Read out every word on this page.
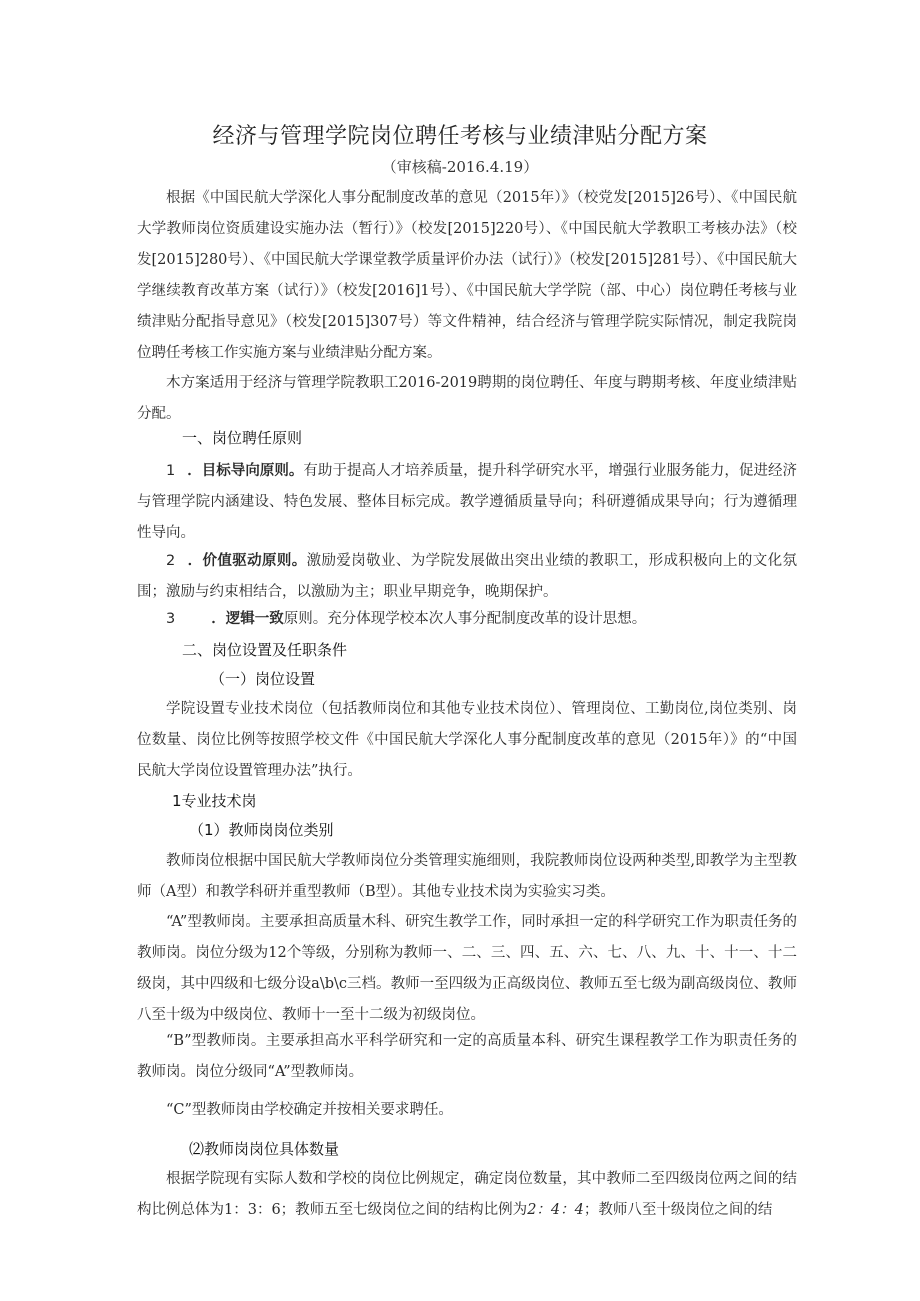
经济与管理学院岗位聘任考核与业绩津贴分配方案
（审核稿-2016.4.19）

根据《中国民航大学深化人事分配制度改革的意见（2015年）》（校党发[2015]26号）、《中国民航大学教师岗位资质建设实施办法（暂行）》（校发[2015]220号）、《中国民航大学教职工考核办法》（校发[2015]280号）、《中国民航大学课堂教学质量评价办法（试行）》（校发[2015]281号）、《中国民航大学继续教育改革方案（试行）》（校发[2016]1号）、《中国民航大学学院（部、中心）岗位聘任考核与业绩津贴分配指导意见》（校发[2015]307号）等文件精神，结合经济与管理学院实际情况，制定我院岗位聘任考核工作实施方案与业绩津贴分配方案。

木方案适用于经济与管理学院教职工2016-2019聘期的岗位聘任、年度与聘期考核、年度业绩津贴分配。

一、岗位聘任原则

1 ．目标导向原则。有助于提高人才培养质量，提升科学研究水平，增强行业服务能力，促进经济与管理学院内涵建设、特色发展、整体目标完成。教学遵循质量导向；科研遵循成果导向；行为遵循理性导向。

2 ．价值驱动原则。激励爱岗敬业、为学院发展做出突出业绩的教职工，形成积极向上的文化氛围；激励与约束相结合，以激励为主；职业早期竞争，晚期保护。

3 ．逻辑一致原则。充分体现学校本次人事分配制度改革的设计思想。

二、岗位设置及任职条件
（一）岗位设置

学院设置专业技术岗位（包括教师岗位和其他专业技术岗位）、管理岗位、工勤岗位,岗位类别、岗位数量、岗位比例等按照学校文件《中国民航大学深化人事分配制度改革的意见（2015年）》的“中国民航大学岗位设置管理办法”执行。

1专业技术岗
（1）教师岗岗位类别

教师岗位根据中国民航大学教师岗位分类管理实施细则，我院教师岗位设两种类型,即教学为主型教师（A型）和教学科研并重型教师（B型）。其他专业技术岗为实验实习类。

“A”型教师岗。主要承担高质量木科、研究生教学工作，同时承担一定的科学研究工作为职责任务的教师岗。岗位分级为12个等级，分别称为教师一、二、三、四、五、六、七、八、九、十、十一、十二级岗，其中四级和七级分设a\b\c三档。教师一至四级为正高级岗位、教师五至七级为副高级岗位、教师八至十级为中级岗位、教师十一至十二级为初级岗位。

“B”型教师岗。主要承担高水平科学研究和一定的高质量本科、研究生课程教学工作为职责任务的教师岗。岗位分级同“A”型教师岗。

“C”型教师岗由学校确定并按相关要求聘任。

⑵教师岗岗位具体数量

根据学院现有实际人数和学校的岗位比例规定，确定岗位数量，其中教师二至四级岗位两之间的结构比例总体为1：3：6；教师五至七级岗位之间的结构比例为2：4：4；教师八至十级岗位之间的结
